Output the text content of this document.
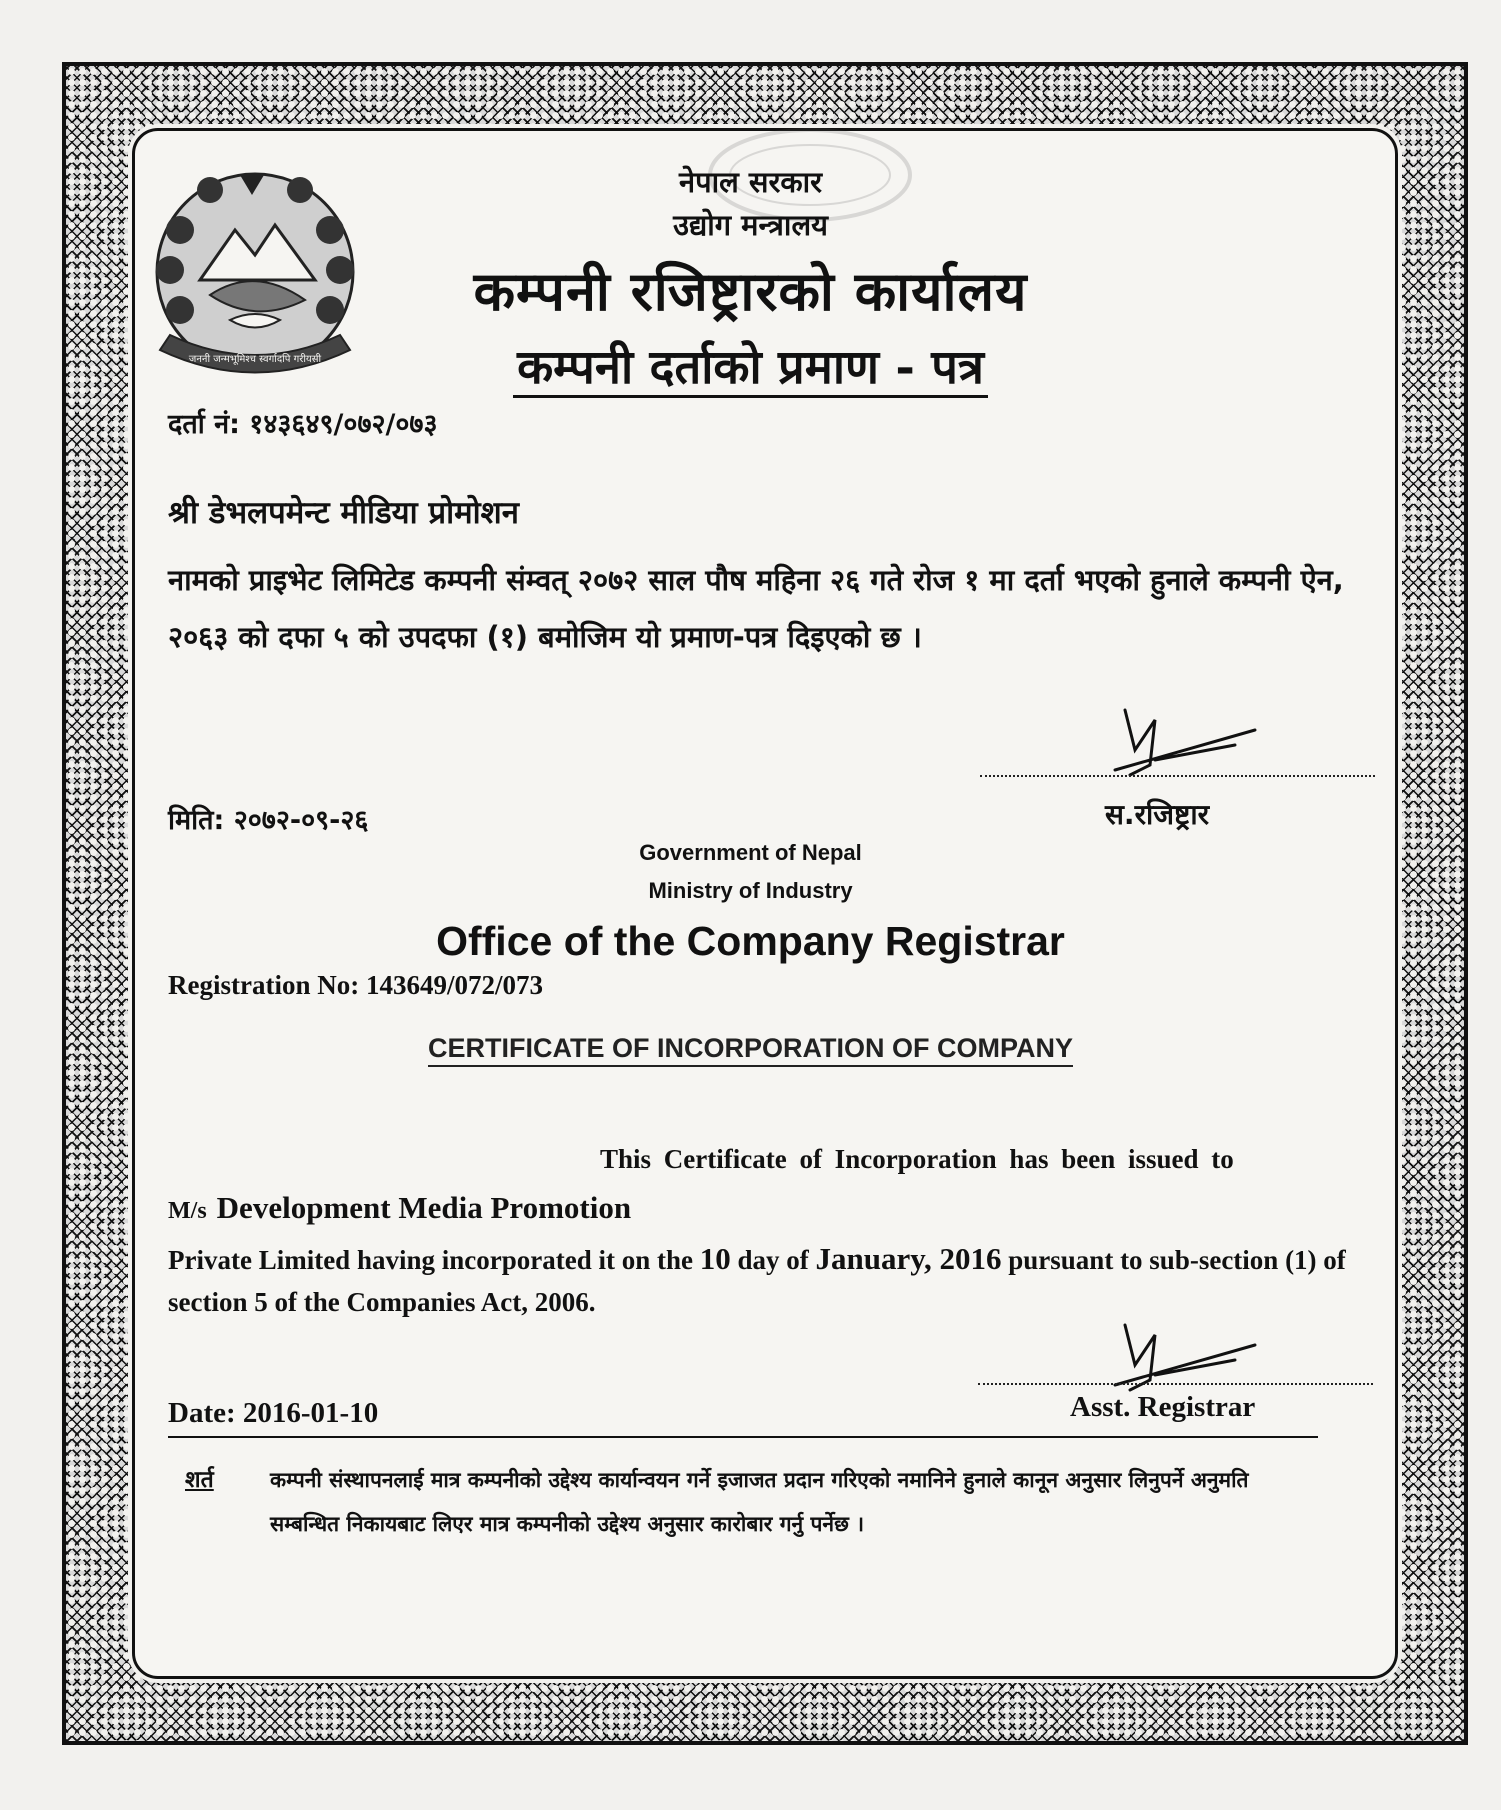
जननी जन्मभूमिश्च स्वर्गादपि गरीयसी
नेपाल सरकार
उद्योग मन्त्रालय
कम्पनी रजिष्ट्रारको कार्यालय
कम्पनी दर्ताको प्रमाण - पत्र
दर्ता नं: १४३६४९/०७२/०७३
श्री डेभलपमेन्ट मीडिया प्रोमोशन
नामको प्राइभेट लिमिटेड कम्पनी संम्वत् २०७२ साल पौष महिना २६ गते रोज १ मा दर्ता भएको हुनाले कम्पनी ऐन, २०६३ को दफा ५ को उपदफा (१) बमोजिम यो प्रमाण-पत्र दिइएको छ ।
मिति: २०७२-०९-२६	स.रजिष्ट्रार
Government of Nepal
Ministry of Industry
Office of the Company Registrar
Registration No: 143649/072/073
CERTIFICATE OF INCORPORATION OF COMPANY
This Certificate of Incorporation has been issued to
M/s Development Media Promotion
Private Limited having incorporated it on the 10 day of January, 2016 pursuant to sub-section (1) of section 5 of the Companies Act, 2006.
Date: 2016-01-10	Asst. Registrar
शर्त	कम्पनी संस्थापनलाई मात्र कम्पनीको उद्देश्य कार्यान्वयन गर्ने इजाजत प्रदान गरिएको नमानिने हुनाले कानून अनुसार लिनुपर्ने अनुमति सम्बन्धित निकायबाट लिएर मात्र कम्पनीको उद्देश्य अनुसार कारोबार गर्नु पर्नेछ ।
